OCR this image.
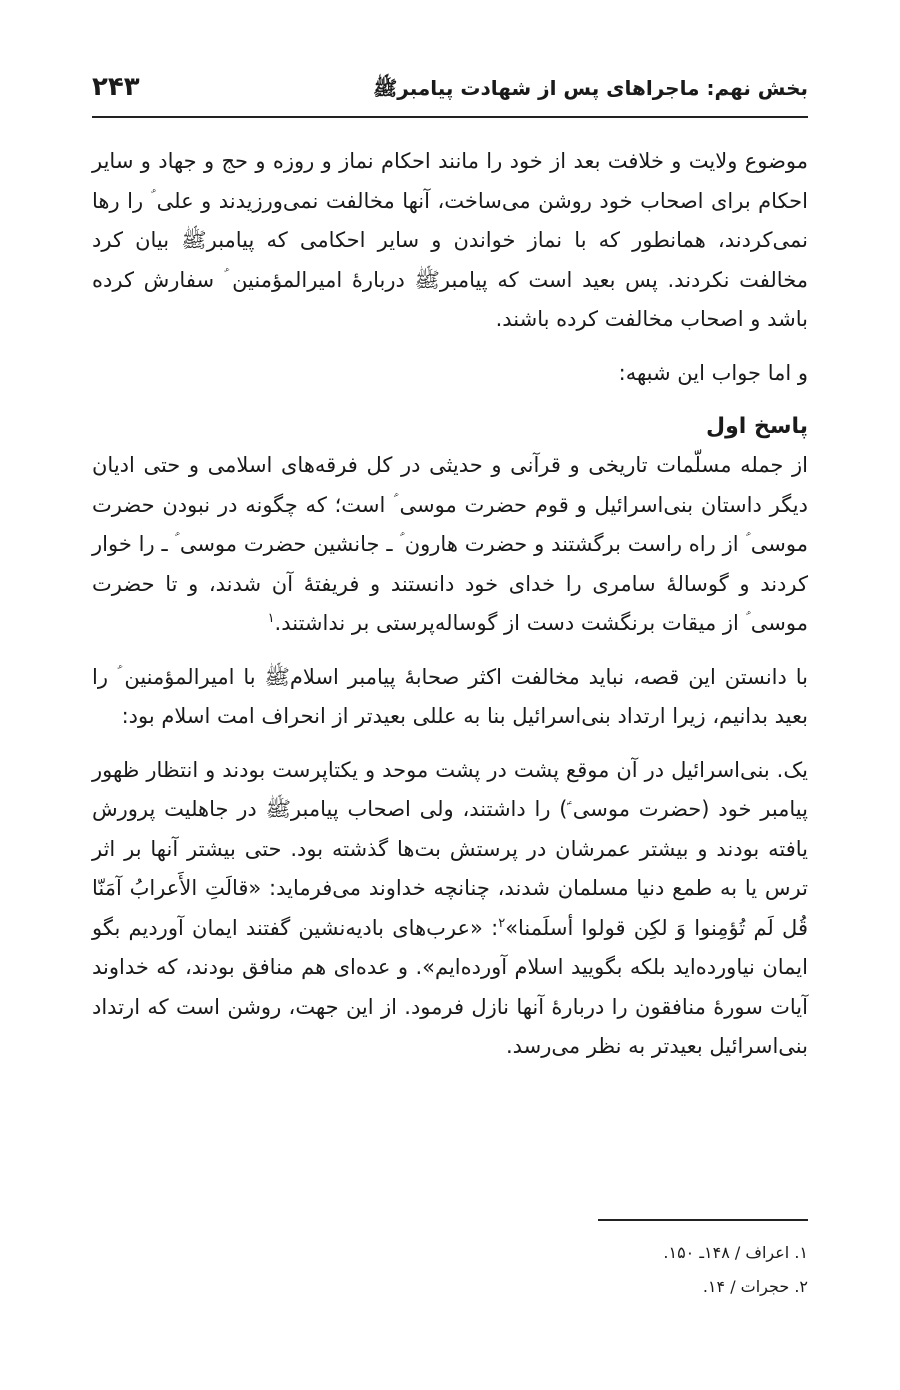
بخش نهم: ماجراهای پس از شهادت پیامبرﷺ
۲۴۳

موضوع ولایت و خلافت بعد از خود را مانند احکام نماز و روزه و حج و جهاد و سایر احکام برای اصحاب خود روشن می‌ساخت، آنها مخالفت نمی‌ورزیدند و علی ؑ را رها نمی‌کردند، همانطور که با نماز خواندن و سایر احکامی که پیامبرﷺ بیان کرد مخالفت نکردند. پس بعید است که پیامبرﷺ دربارهٔ امیرالمؤمنین ؑ سفارش کرده باشد و اصحاب مخالفت کرده باشند.

و اما جواب این شبهه:

پاسخ اول

از جمله مسلّمات تاریخی و قرآنی و حدیثی در کل فرقه‌های اسلامی و حتی ادیان دیگر داستان بنی‌اسرائیل و قوم حضرت موسی ؑ است؛ که چگونه در نبودن حضرت موسی ؑ از راه راست برگشتند و حضرت هارون ؑ ـ جانشین حضرت موسی ؑ ـ را خوار کردند و گوسالهٔ سامری را خدای خود دانستند و فریفتهٔ آن شدند، و تا حضرت موسی ؑ از میقات برنگشت دست از گوساله‌پرستی بر نداشتند.$^۱$

با دانستن این قصه، نباید مخالفت اکثر صحابهٔ پیامبر اسلامﷺ با امیرالمؤمنین ؑ را بعید بدانیم، زیرا ارتداد بنی‌اسرائیل بنا به عللی بعیدتر از انحراف امت اسلام بود:

یک. بنی‌اسرائیل در آن موقع پشت در پشت موحد و یکتاپرست بودند و انتظار ظهور پیامبر خود (حضرت موسی ؑ) را داشتند، ولی اصحاب پیامبرﷺ در جاهلیت پرورش یافته بودند و بیشتر عمرشان در پرستش بت‌ها گذشته بود. حتی بیشتر آنها بر اثر ترس یا به طمع دنیا مسلمان شدند، چنانچه خداوند می‌فرماید: «قالَتِ الأَعرابُ آمَنّا قُل لَم تُؤمِنوا وَ لکِن قولوا أسلَمنا»$^۲$: «عرب‌های بادیه‌نشین گفتند ایمان آوردیم بگو ایمان نیاورده‌اید بلکه بگویید اسلام آورده‌ایم». و عده‌ای هم منافق بودند، که خداوند آیات سورهٔ منافقون را دربارهٔ آنها نازل فرمود. از این جهت، روشن است که ارتداد بنی‌اسرائیل بعیدتر به نظر می‌رسد.

۱. اعراف / ۱۴۸ـ ۱۵۰.
۲. حجرات / ۱۴.
